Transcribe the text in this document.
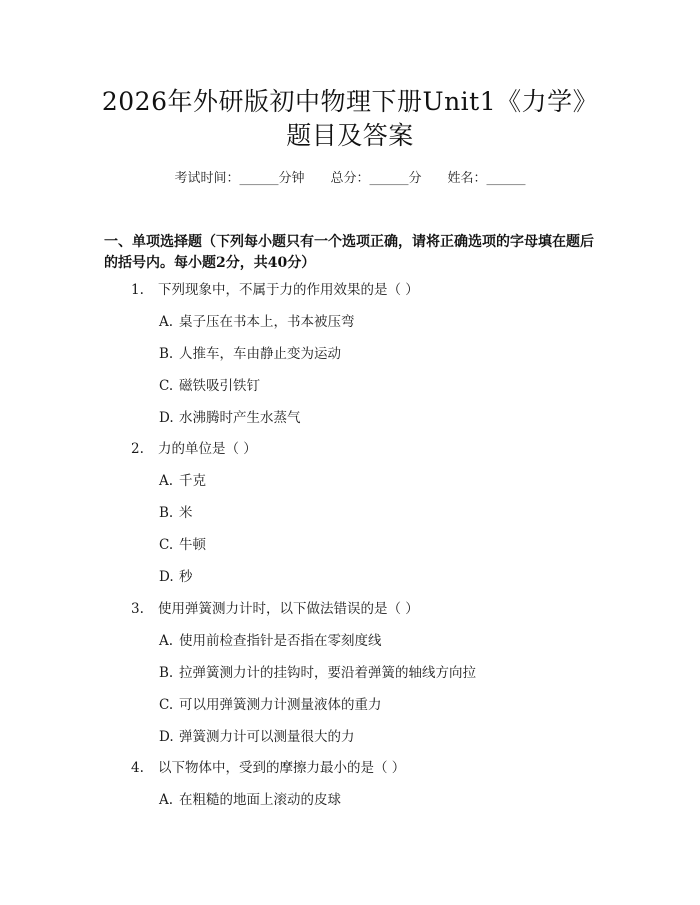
2026年外研版初中物理下册Unit1《力学》
题目及答案
考试时间：______分钟 总分：______分 姓名：______
一、单项选择题（下列每小题只有一个选项正确，请将正确选项的字母填在题后的括号内。每小题2分，共40分）
1. 下列现象中，不属于力的作用效果的是（ ）
A. 桌子压在书本上，书本被压弯
B. 人推车，车由静止变为运动
C. 磁铁吸引铁钉
D. 水沸腾时产生水蒸气
2. 力的单位是（ ）
A. 千克
B. 米
C. 牛顿
D. 秒
3. 使用弹簧测力计时，以下做法错误的是（ ）
A. 使用前检查指针是否指在零刻度线
B. 拉弹簧测力计的挂钩时，要沿着弹簧的轴线方向拉
C. 可以用弹簧测力计测量液体的重力
D. 弹簧测力计可以测量很大的力
4. 以下物体中，受到的摩擦力最小的是（ ）
A. 在粗糙的地面上滚动的皮球
